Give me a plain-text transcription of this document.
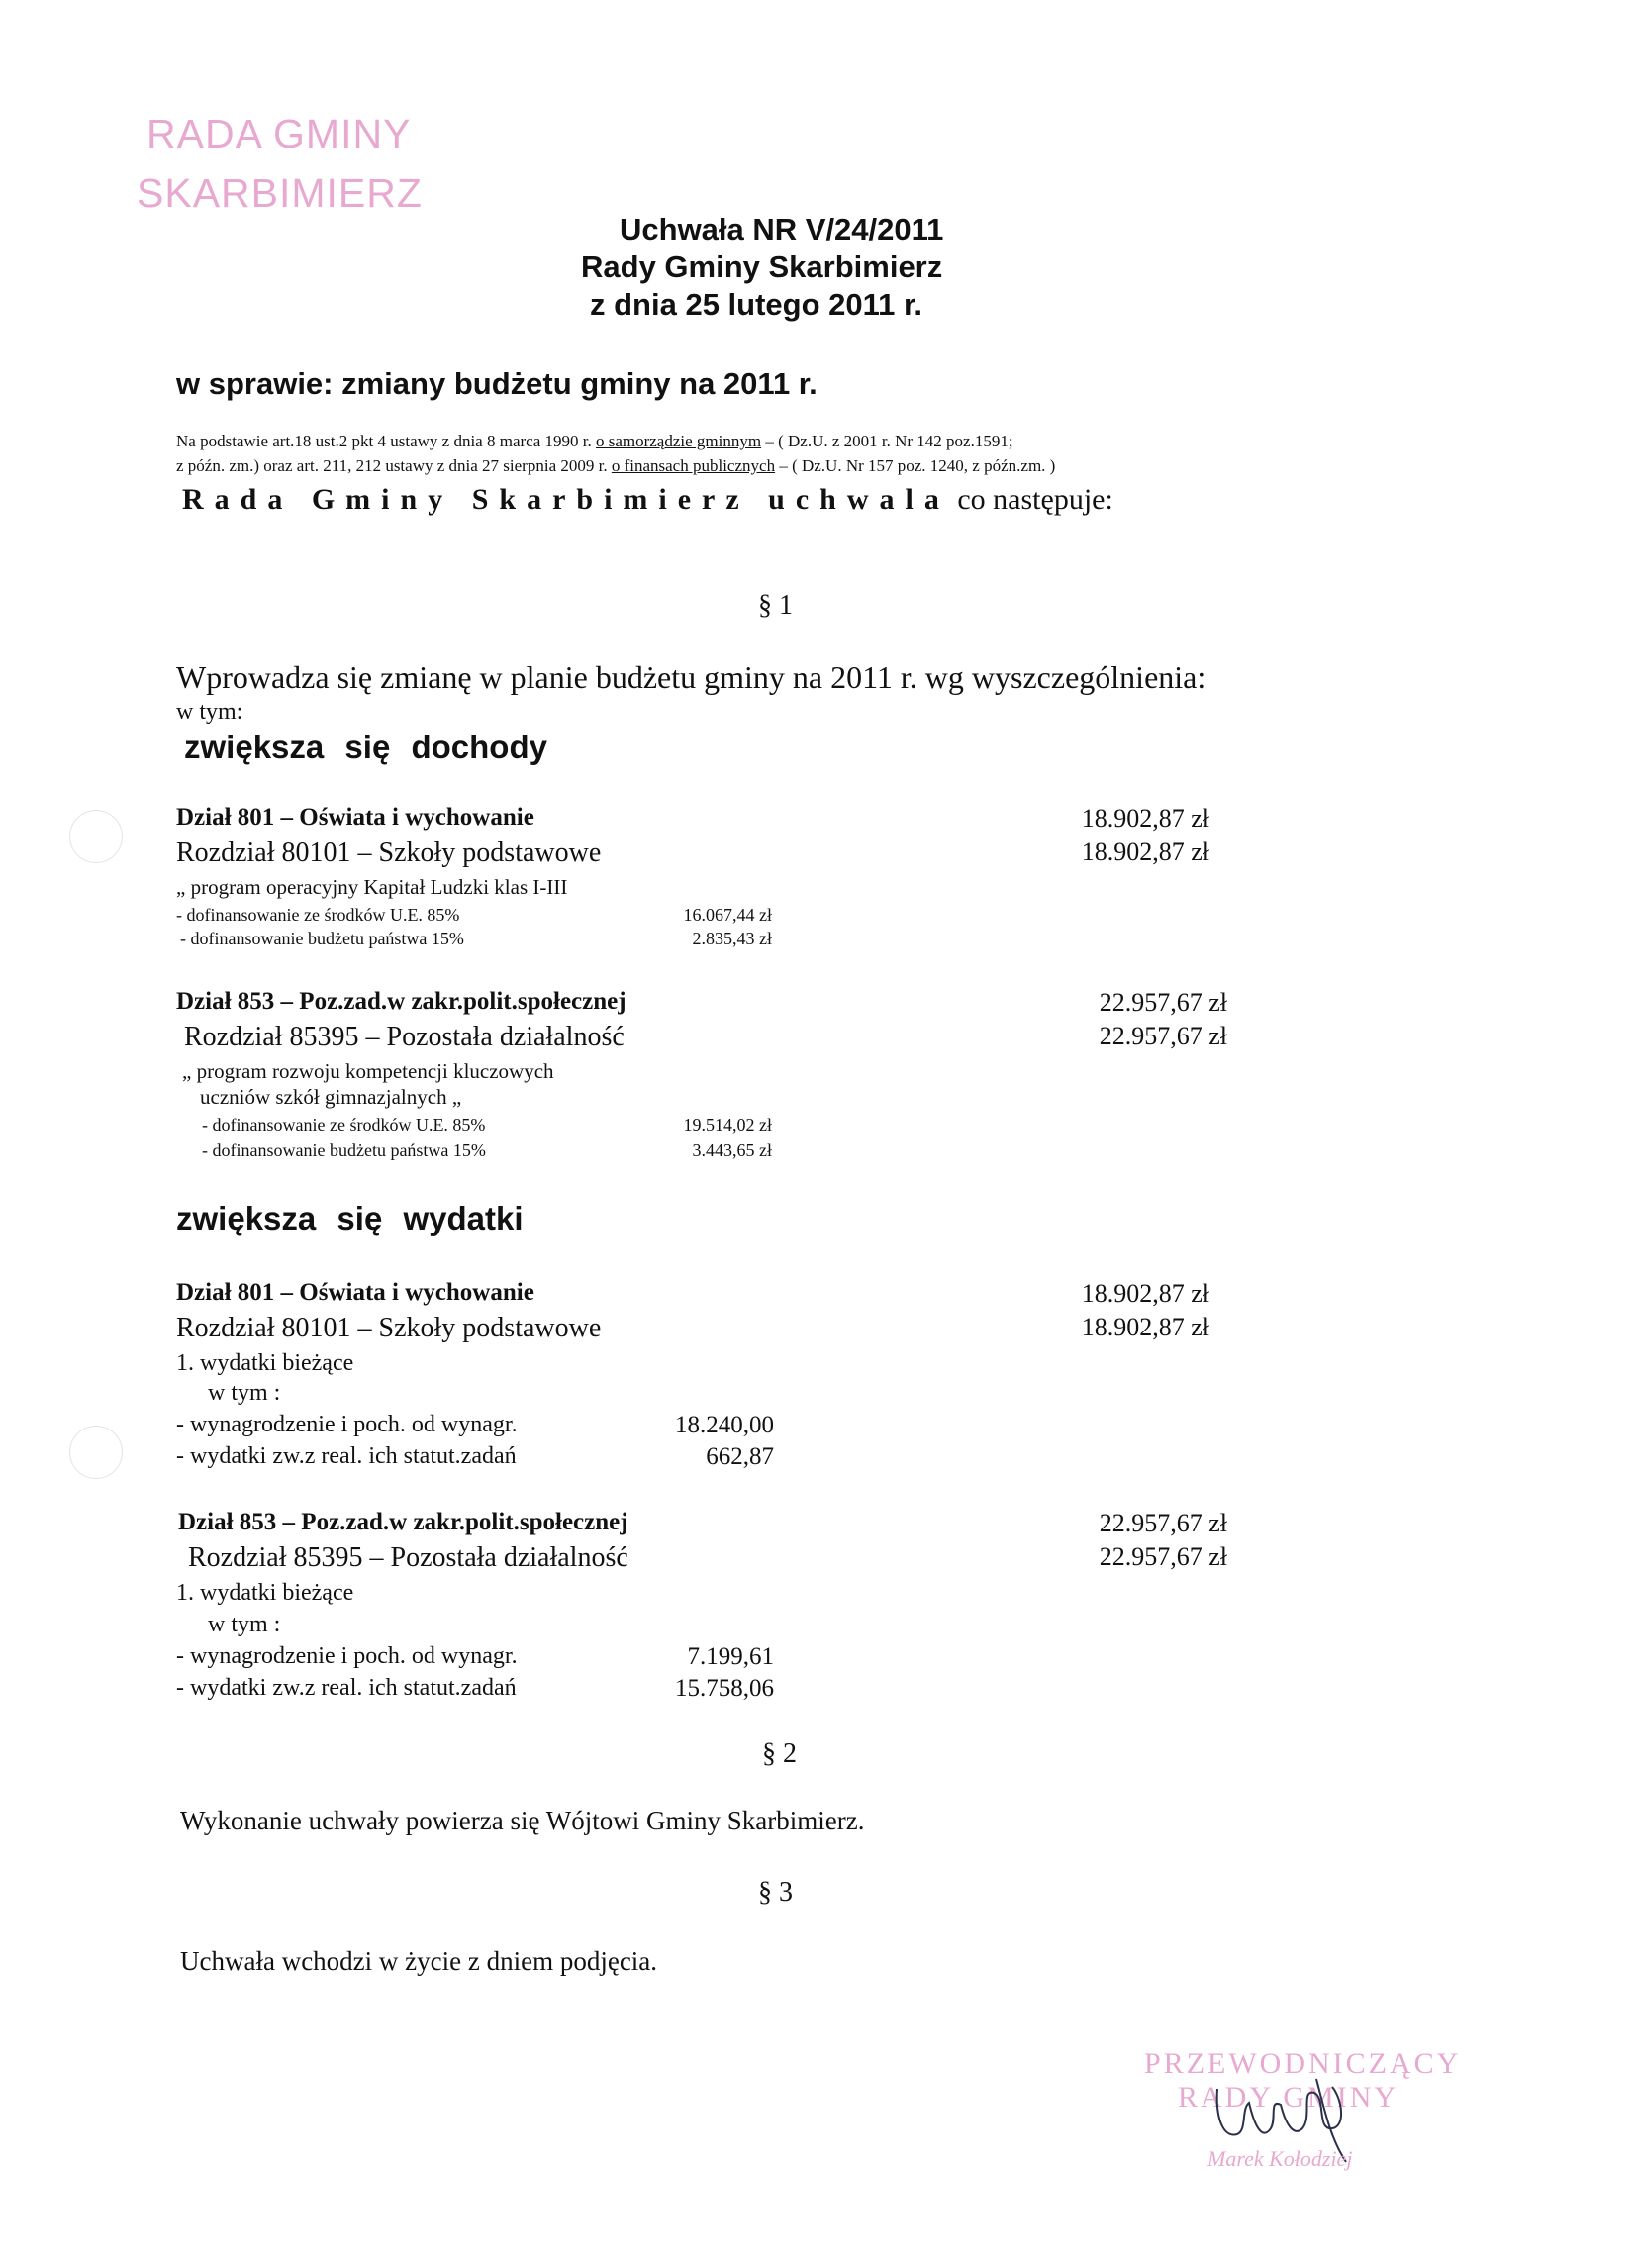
RADA GMINY
SKARBIMIERZ
Uchwała NR V/24/2011
Rady Gminy Skarbimierz
z dnia 25 lutego 2011 r.
w sprawie: zmiany budżetu gminy na 2011 r.
Na podstawie art.18 ust.2 pkt 4 ustawy z dnia 8 marca 1990 r. o samorządzie gminnym – ( Dz.U. z 2001 r. Nr 142 poz.1591;
z późn. zm.) oraz art. 211, 212 ustawy z dnia 27 sierpnia 2009 r. o finansach publicznych – ( Dz.U. Nr 157 poz. 1240, z późn.zm. )
Rada Gminy Skarbimierz uchwala co następuje:
§ 1
Wprowadza się zmianę w planie budżetu gminy na 2011 r. wg wyszczególnienia:
w tym:
zwiększa się dochody
Dział 801 – Oświata i wychowanie	18.902,87 zł
Rozdział 80101 – Szkoły podstawowe	18.902,87 zł
„ program operacyjny Kapitał Ludzki klas I-III
- dofinansowanie ze środków U.E. 85%	16.067,44 zł
- dofinansowanie budżetu państwa 15%	2.835,43 zł
Dział 853 – Poz.zad.w zakr.polit.społecznej	22.957,67 zł
Rozdział 85395 – Pozostała działalność	22.957,67 zł
„ program rozwoju kompetencji kluczowych
uczniów szkół gimnazjalnych „
- dofinansowanie ze środków U.E. 85%	19.514,02 zł
- dofinansowanie budżetu państwa 15%	3.443,65 zł
zwiększa się wydatki
Dział 801 – Oświata i wychowanie	18.902,87 zł
Rozdział 80101 – Szkoły podstawowe	18.902,87 zł
1. wydatki bieżące
w tym :
- wynagrodzenie i poch. od wynagr.	18.240,00
- wydatki zw.z real. ich statut.zadań	662,87
Dział 853 – Poz.zad.w zakr.polit.społecznej	22.957,67 zł
Rozdział 85395 – Pozostała działalność	22.957,67 zł
1. wydatki bieżące
w tym :
- wynagrodzenie i poch. od wynagr.	7.199,61
- wydatki zw.z real. ich statut.zadań	15.758,06
§ 2
Wykonanie uchwały powierza się Wójtowi Gminy Skarbimierz.
§ 3
Uchwała wchodzi w życie z dniem podjęcia.
PRZEWODNICZĄCY
RADY GMINY
Marek Kołodziej
